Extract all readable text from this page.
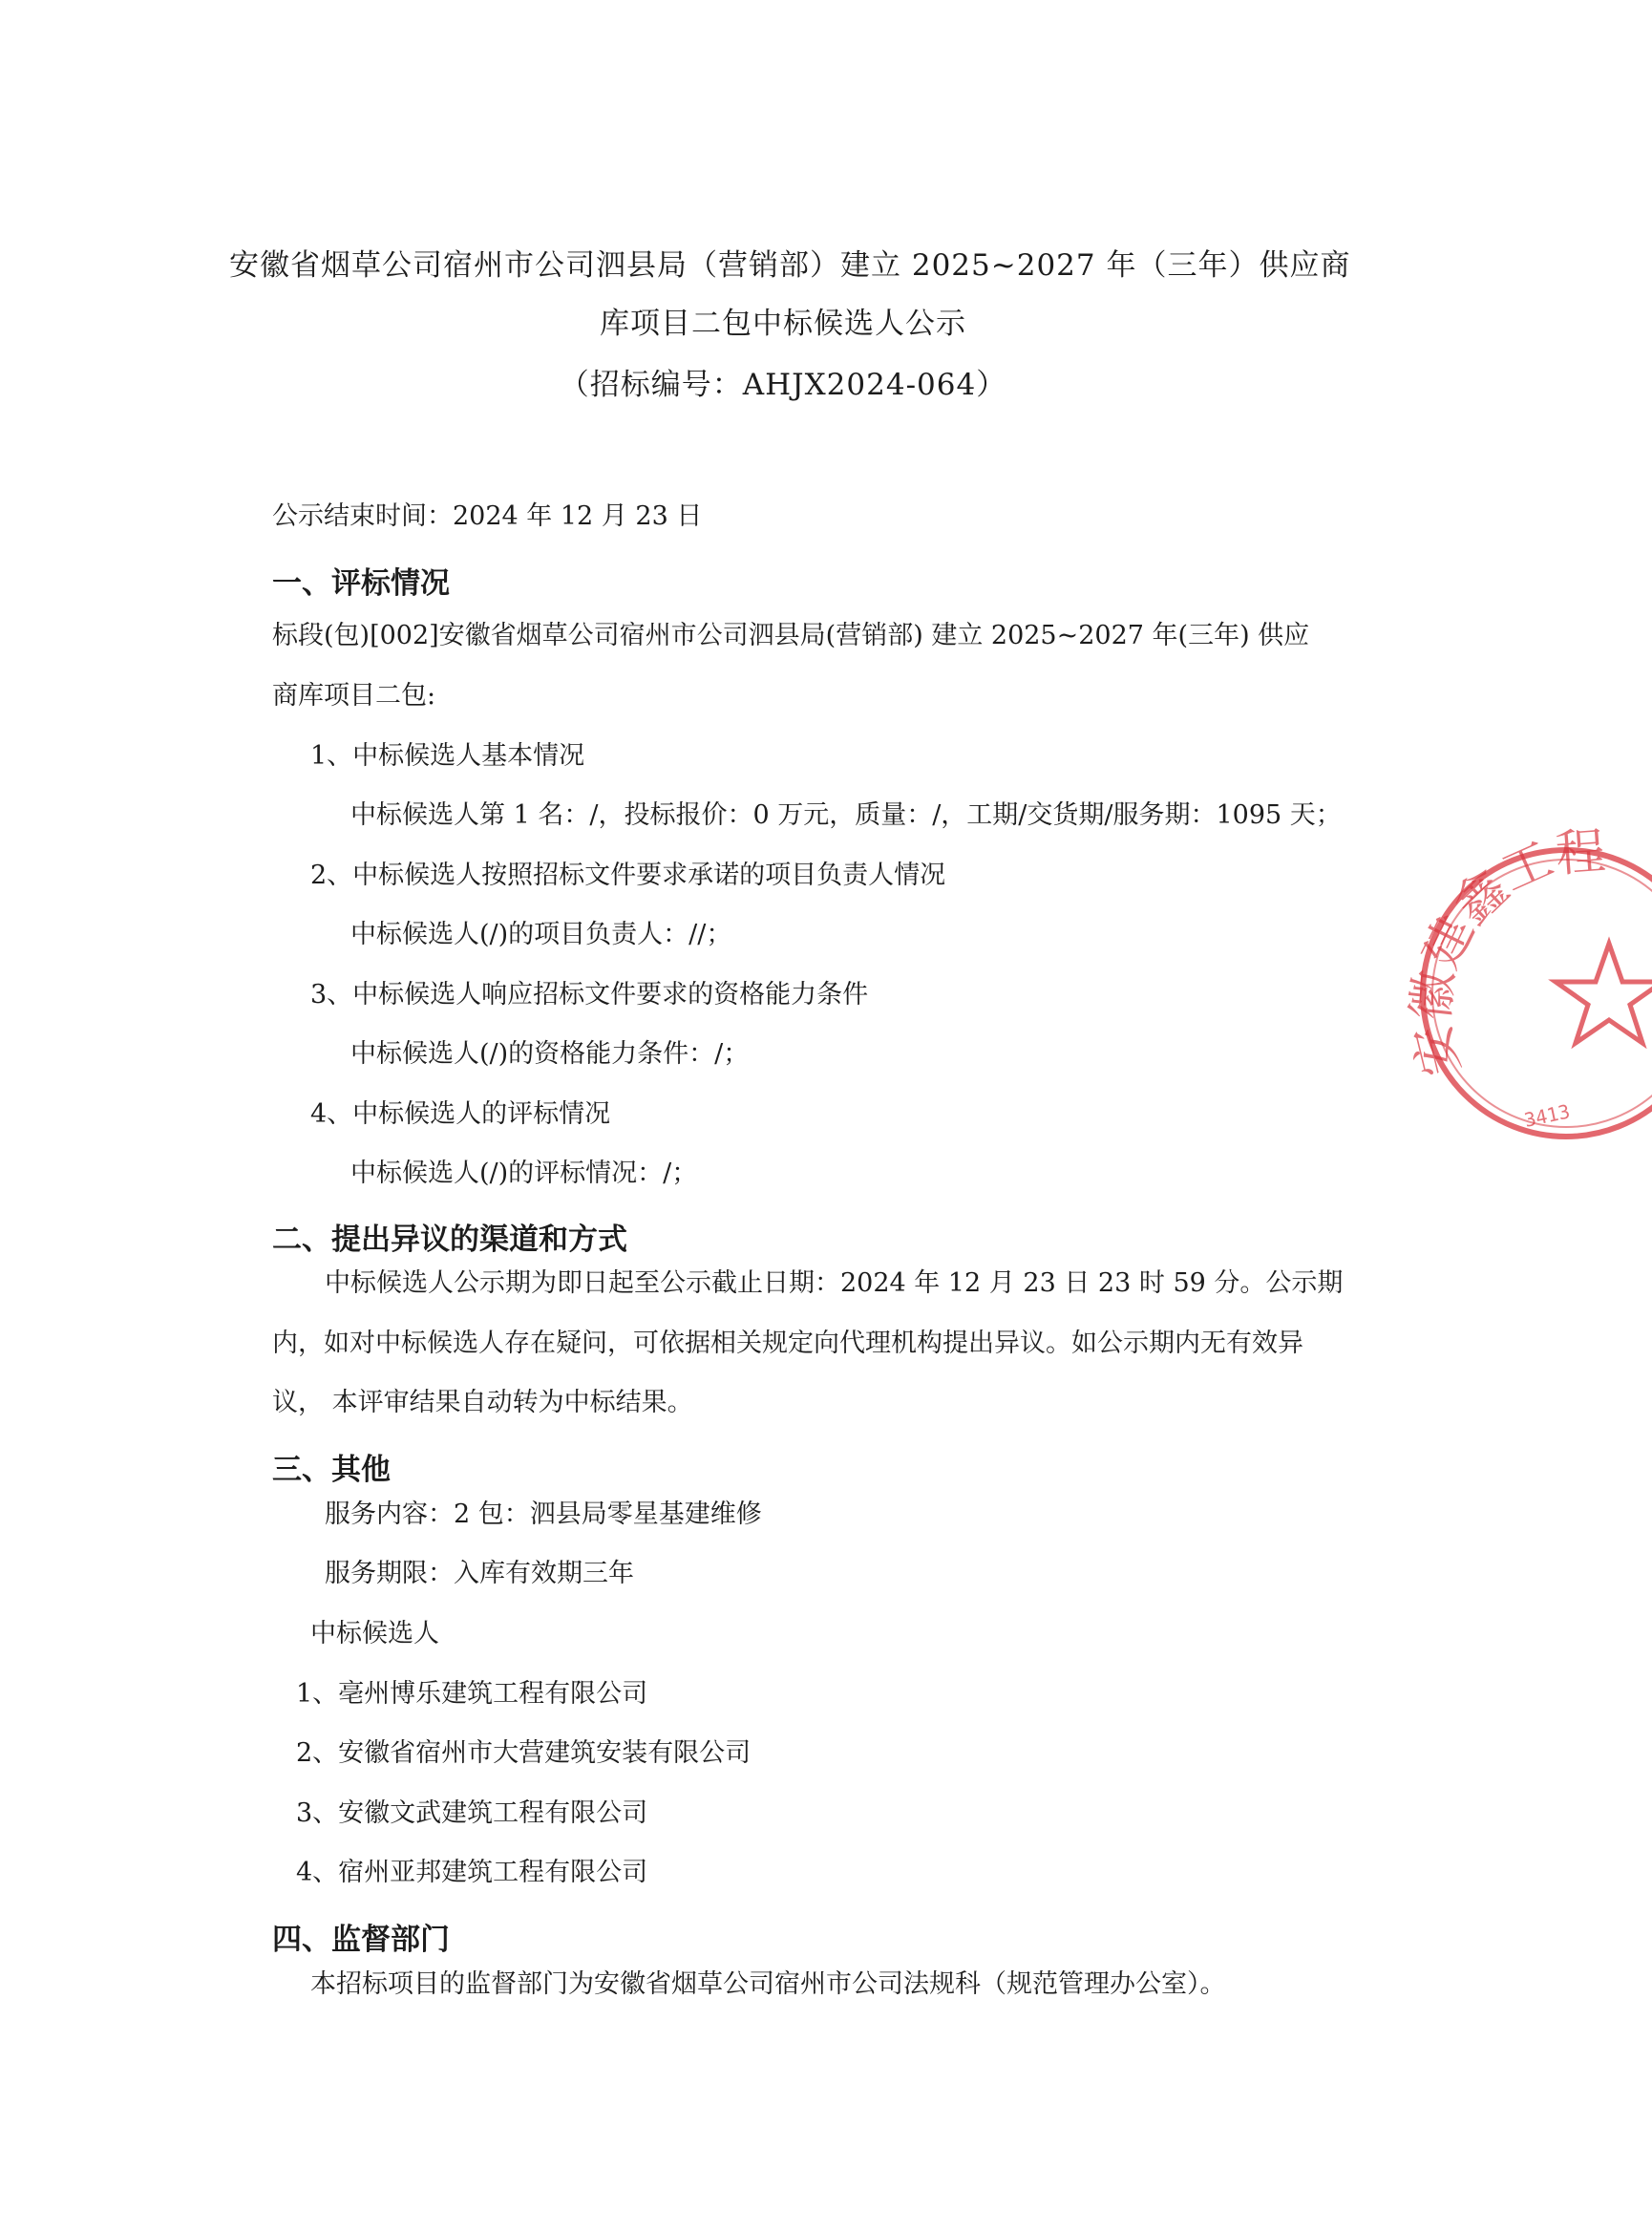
安徽省烟草公司宿州市公司泗县局（营销部）建立 2025~2027 年（三年）供应商
库项目二包中标候选人公示
（招标编号：AHJX2024-064）
公示结束时间：2024 年 12 月 23 日
一、评标情况
标段(包)[002]安徽省烟草公司宿州市公司泗县局(营销部) 建立 2025~2027 年(三年) 供应
商库项目二包:
1、中标候选人基本情况
中标候选人第 1 名：/，投标报价：0 万元，质量：/，工期/交货期/服务期：1095 天；
2、中标候选人按照招标文件要求承诺的项目负责人情况
中标候选人(/)的项目负责人：//；
3、中标候选人响应招标文件要求的资格能力条件
中标候选人(/)的资格能力条件：/；
4、中标候选人的评标情况
中标候选人(/)的评标情况：/；
二、提出异议的渠道和方式
中标候选人公示期为即日起至公示截止日期：2024 年 12 月 23 日 23 时 59 分。公示期
内，如对中标候选人存在疑问，可依据相关规定向代理机构提出异议。如公示期内无有效异
议， 本评审结果自动转为中标结果。
三、其他
服务内容：2 包：泗县局零星基建维修
服务期限：入库有效期三年
中标候选人
1、亳州博乐建筑工程有限公司
2、安徽省宿州市大营建筑安装有限公司
3、安徽文武建筑工程有限公司
4、宿州亚邦建筑工程有限公司
四、监督部门
本招标项目的监督部门为安徽省烟草公司宿州市公司法规科（规范管理办公室）。
安徽建鑫工程咨
3413
